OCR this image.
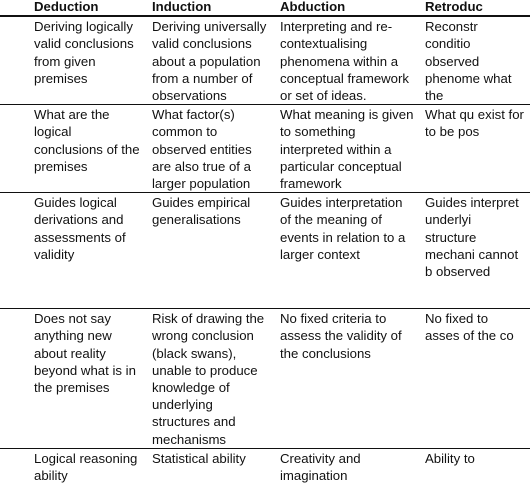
	Deduction	Induction	Abduction	Retroduc
	Deriving logically valid conclusions from given premises	Deriving universally valid conclusions about a population from a number of observations	Interpreting and re-contextualising phenomena within a conceptual framework or set of ideas.	Reconstr conditio observed phenome what the
	What are the logical conclusions of the premises	What factor(s) common to observed entities are also true of a larger population	What meaning is given to something interpreted within a particular conceptual framework	What qu exist for to be pos
	Guides logical derivations and assessments of validity	Guides empirical generalisations	Guides interpretation of the meaning of events in relation to a larger context	Guides interpret underlyi structure mechani cannot b observed
	Does not say anything new about reality beyond what is in the premises	Risk of drawing the wrong conclusion (black swans), unable to produce knowledge of underlying structures and mechanisms	No fixed criteria to assess the validity of the conclusions	No fixed to asses of the co
	Logical reasoning ability	Statistical ability	Creativity and imagination	Ability to
